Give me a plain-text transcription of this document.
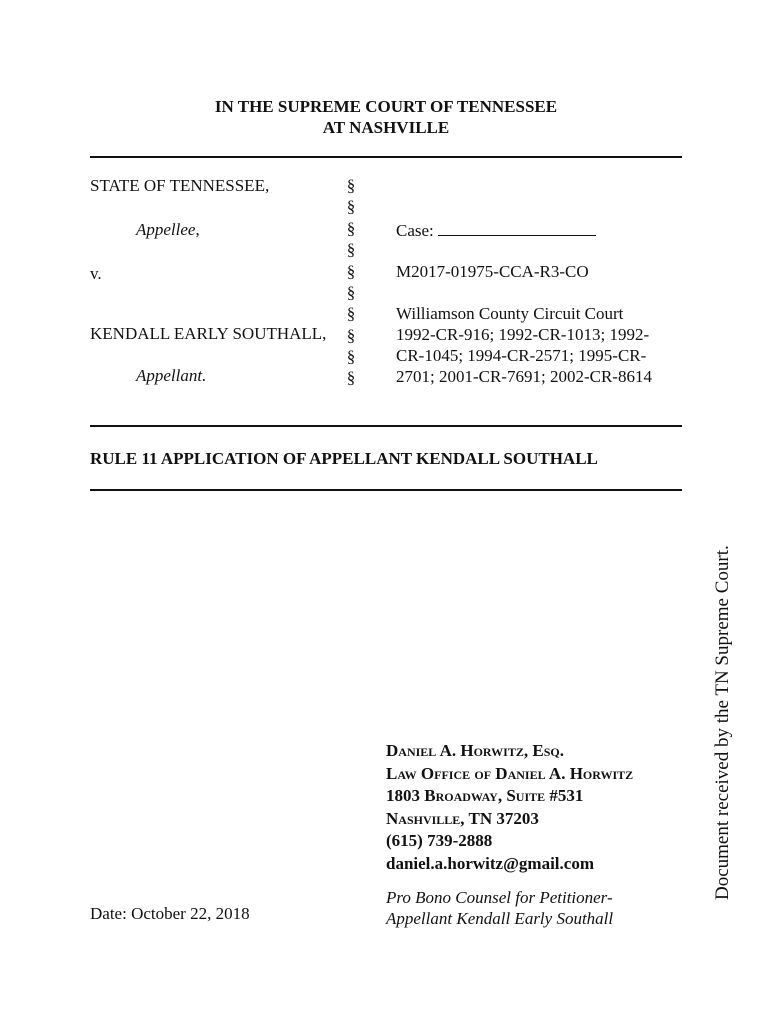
IN THE SUPREME COURT OF TENNESSEE
AT NASHVILLE
STATE OF TENNESSEE,
Appellee,
v.
KENDALL EARLY SOUTHALL,
Appellant.
§
§
§
§
§
§
§
§
§
§
Case:
M2017-01975-CCA-R3-CO
Williamson County Circuit Court
1992-CR-916; 1992-CR-1013; 1992-
CR-1045; 1994-CR-2571; 1995-CR-
2701; 2001-CR-7691; 2002-CR-8614
RULE 11 APPLICATION OF APPELLANT KENDALL SOUTHALL
Daniel A. Horwitz, Esq.
Law Office of Daniel A. Horwitz
1803 Broadway, Suite #531
Nashville, TN 37203
(615) 739-2888
daniel.a.horwitz@gmail.com
Pro Bono Counsel for Petitioner-
Appellant Kendall Early Southall
Date: October 22, 2018
Document received by the TN Supreme Court.
